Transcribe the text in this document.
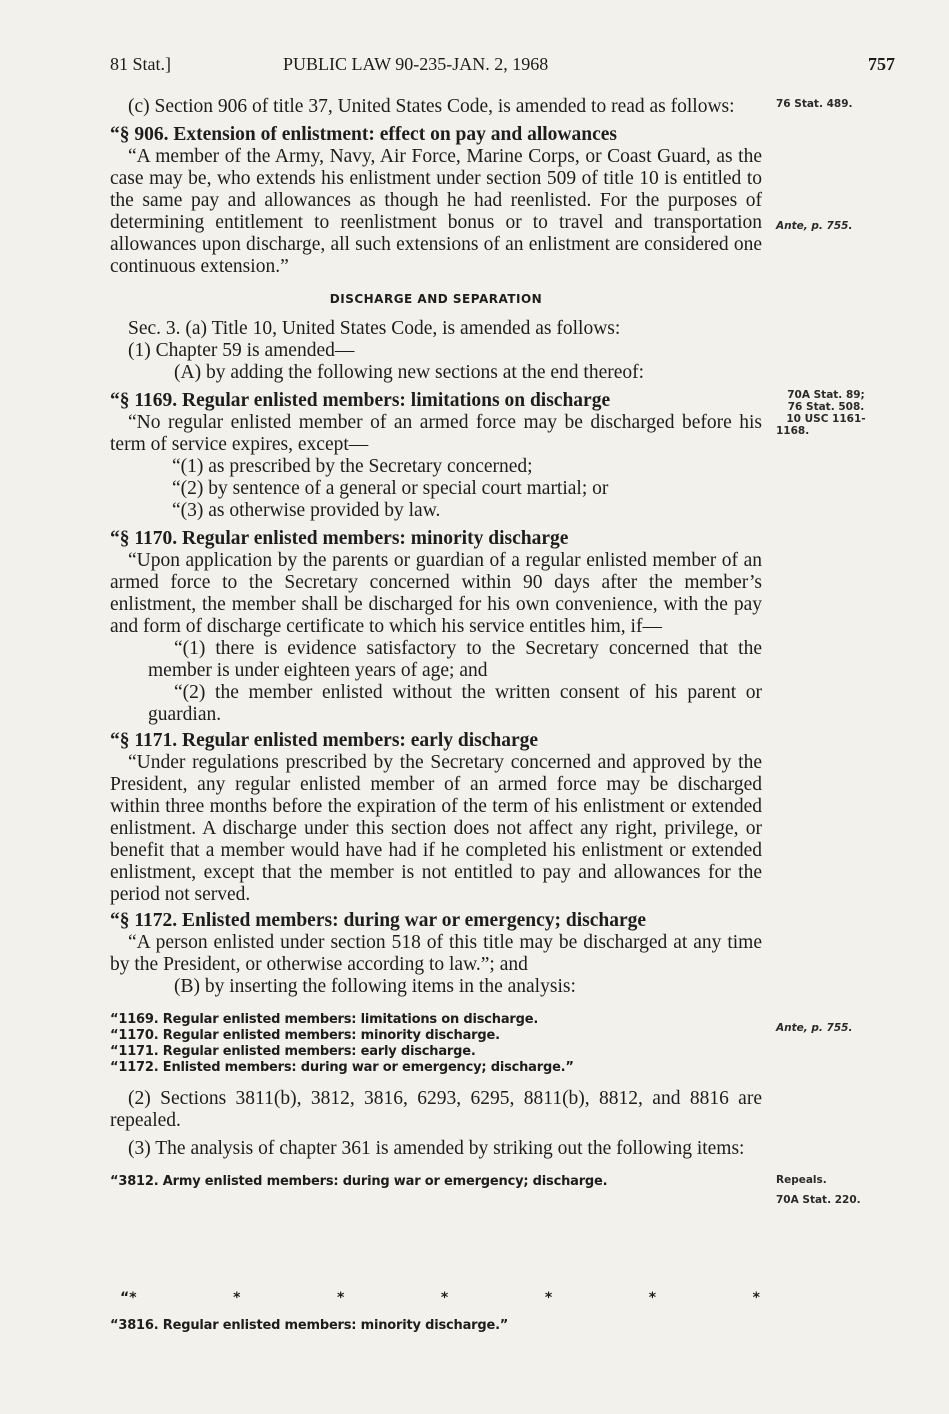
81 Stat.]	PUBLIC LAW 90-235-JAN. 2, 1968	757
76 Stat. 489.
Ante, p. 755.
70A Stat. 89;
76 Stat. 508.
10 USC 1161-
1168.
Ante, p. 755.
Repeals.
70A Stat. 220.

(c) Section 906 of title 37, United States Code, is amended to read as follows:

“§ 906. Extension of enlistment: effect on pay and allowances

“A member of the Army, Navy, Air Force, Marine Corps, or Coast Guard, as the case may be, who extends his enlistment under section 509 of title 10 is entitled to the same pay and allowances as though he had reenlisted. For the purposes of determining entitlement to reenlistment bonus or to travel and transportation allowances upon discharge, all such extensions of an enlistment are considered one continuous extension.”

DISCHARGE AND SEPARATION

Sec. 3. (a) Title 10, United States Code, is amended as follows:

(1) Chapter 59 is amended—

(A) by adding the following new sections at the end thereof:

“§ 1169. Regular enlisted members: limitations on discharge

“No regular enlisted member of an armed force may be discharged before his term of service expires, except—

“(1) as prescribed by the Secretary concerned;

“(2) by sentence of a general or special court martial; or

“(3) as otherwise provided by law.

“§ 1170. Regular enlisted members: minority discharge

“Upon application by the parents or guardian of a regular enlisted member of an armed force to the Secretary concerned within 90 days after the member’s enlistment, the member shall be discharged for his own convenience, with the pay and form of discharge certificate to which his service entitles him, if—

“(1) there is evidence satisfactory to the Secretary concerned that the member is under eighteen years of age; and

“(2) the member enlisted without the written consent of his parent or guardian.

“§ 1171. Regular enlisted members: early discharge

“Under regulations prescribed by the Secretary concerned and approved by the President, any regular enlisted member of an armed force may be discharged within three months before the expiration of the term of his enlistment or extended enlistment. A discharge under this section does not affect any right, privilege, or benefit that a member would have had if he completed his enlistment or extended enlistment, except that the member is not entitled to pay and allowances for the period not served.

“§ 1172. Enlisted members: during war or emergency; discharge

“A person enlisted under section 518 of this title may be discharged at any time by the President, or otherwise according to law.”; and

(B) by inserting the following items in the analysis:

“1169. Regular enlisted members: limitations on discharge.

“1170. Regular enlisted members: minority discharge.

“1171. Regular enlisted members: early discharge.

“1172. Enlisted members: during war or emergency; discharge.”

(2) Sections 3811(b), 3812, 3816, 6293, 6295, 8811(b), 8812, and 8816 are repealed.

(3) The analysis of chapter 361 is amended by striking out the following items:

“3812. Army enlisted members: during war or emergency; discharge.

“*	*	*	*	*	*	*

“3816. Regular enlisted members: minority discharge.”
